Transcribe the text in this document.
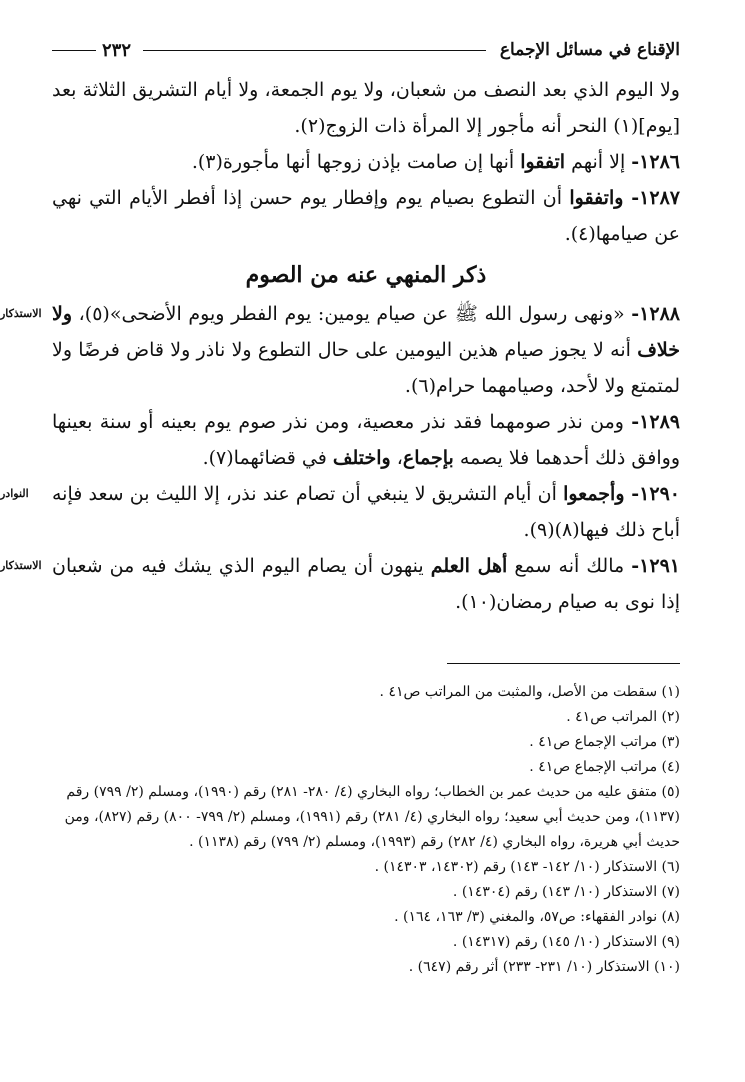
الإقناع في مسائل الإجماع
٢٣٢

ولا اليوم الذي بعد النصف من شعبان، ولا يوم الجمعة، ولا أيام التشريق الثلاثة بعد [يوم](١) النحر أنه مأجور إلا المرأة ذات الزوج(٢).

١٢٨٦- إلا أنهم اتفقوا أنها إن صامت بإذن زوجها أنها مأجورة(٣).

١٢٨٧- واتفقوا أن التطوع بصيام يوم وإفطار يوم حسن إذا أفطر الأيام التي نهي عن صيامها(٤).

ذكر المنهي عنه من الصوم

الاستذكار	١٢٨٨- «ونهى رسول الله ﷺ عن صيام يومين: يوم الفطر ويوم الأضحى»(٥)، ولا خلاف أنه لا يجوز صيام هذين اليومين على حال التطوع ولا ناذر ولا قاض فرضًا ولا لمتمتع ولا لأحد، وصيامهما حرام(٦).

١٢٨٩- ومن نذر صومهما فقد نذر معصية، ومن نذر صوم يوم بعينه أو سنة بعينها ووافق ذلك أحدهما فلا يصمه بإجماع، واختلف في قضائهما(٧).

النوادر	١٢٩٠- وأجمعوا أن أيام التشريق لا ينبغي أن تصام عند نذر، إلا الليث بن سعد فإنه أباح ذلك فيها(٨)(٩).

الاستذكار	١٢٩١- مالك أنه سمع أهل العلم ينهون أن يصام اليوم الذي يشك فيه من شعبان إذا نوى به صيام رمضان(١٠).

(١) سقطت من الأصل، والمثبت من المراتب ص٤١ .
(٢) المراتب ص٤١ .
(٣) مراتب الإجماع ص٤١ .
(٤) مراتب الإجماع ص٤١ .
(٥) متفق عليه من حديث عمر بن الخطاب؛ رواه البخاري (٤/ ٢٨٠- ٢٨١) رقم (١٩٩٠)، ومسلم (٢/ ٧٩٩) رقم (١١٣٧)، ومن حديث أبي سعيد؛ رواه البخاري (٤/ ٢٨١) رقم (١٩٩١)، ومسلم (٢/ ٧٩٩- ٨٠٠) رقم (٨٢٧)، ومن حديث أبي هريرة، رواه البخاري (٤/ ٢٨٢) رقم (١٩٩٣)، ومسلم (٢/ ٧٩٩) رقم (١١٣٨) .
(٦) الاستذكار (١٠/ ١٤٢- ١٤٣) رقم (١٤٣٠٢، ١٤٣٠٣) .
(٧) الاستذكار (١٠/ ١٤٣) رقم (١٤٣٠٤) .
(٨) نوادر الفقهاء: ص٥٧، والمغني (٣/ ١٦٣، ١٦٤) .
(٩) الاستذكار (١٠/ ١٤٥) رقم (١٤٣١٧) .
(١٠) الاستذكار (١٠/ ٢٣١- ٢٣٣) أثر رقم (٦٤٧) .
